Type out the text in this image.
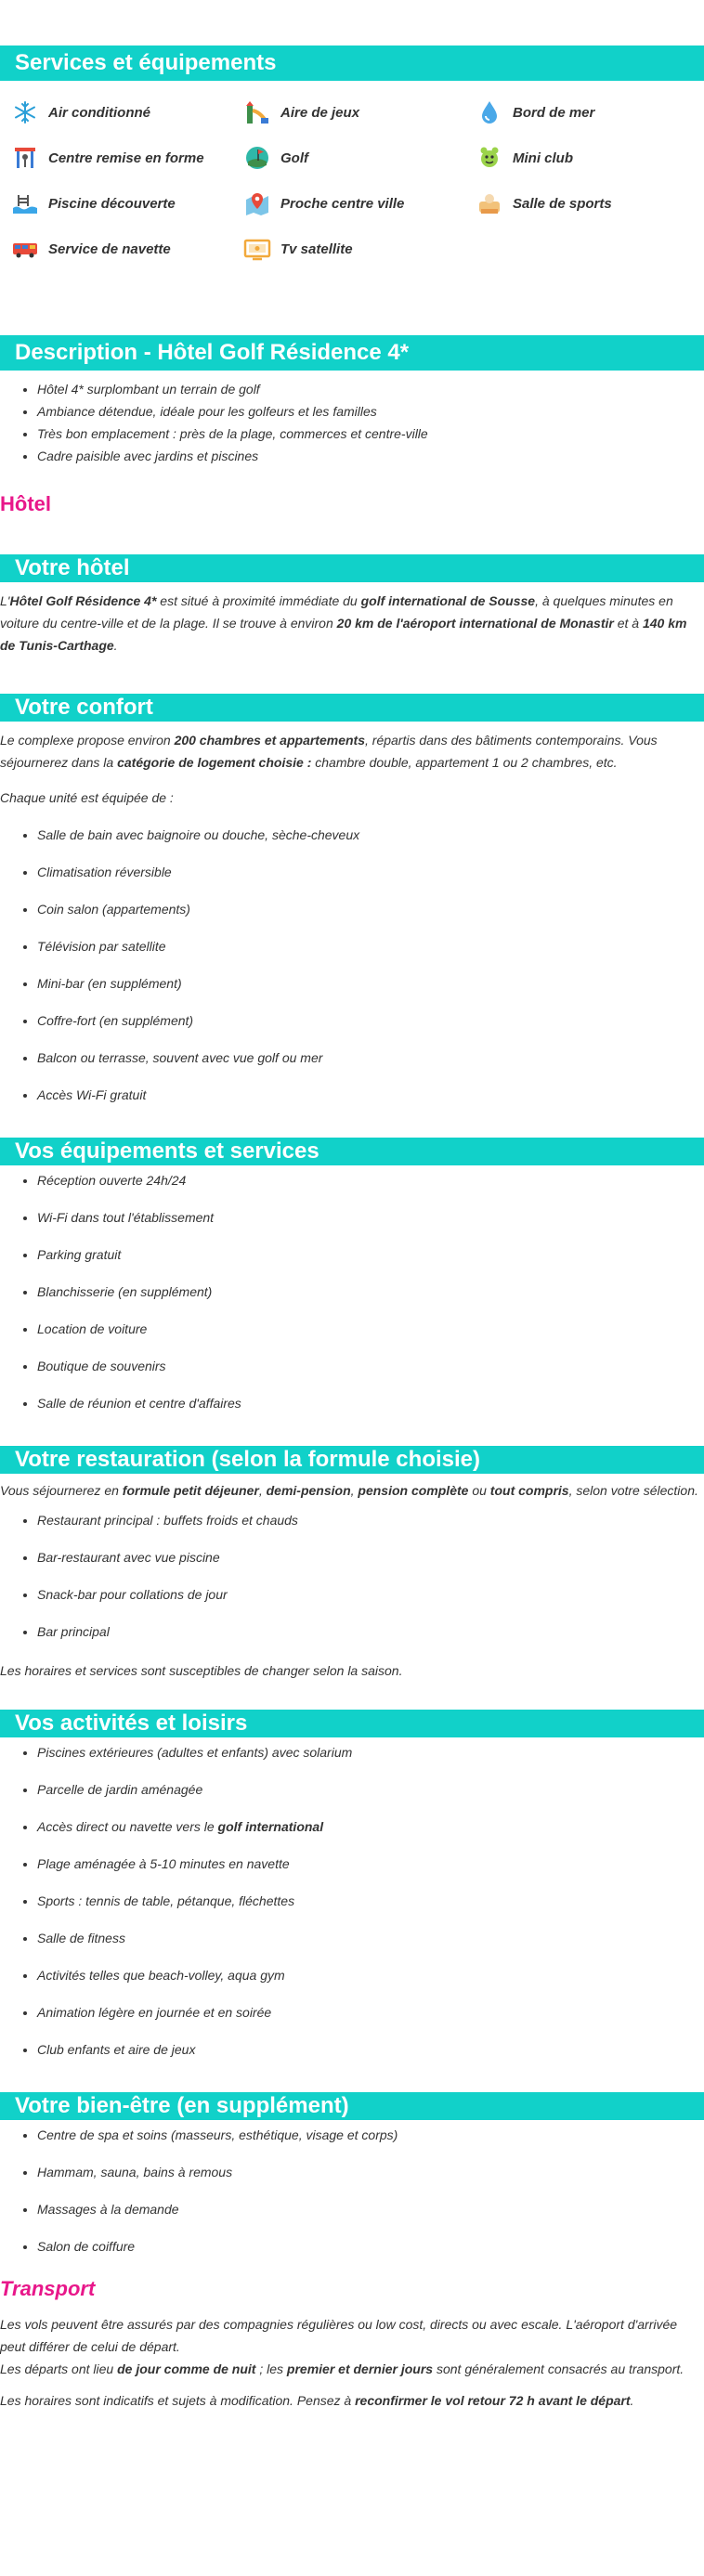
Services et équipements
Air conditionné	Aire de jeux	Bord de mer
Centre remise en forme	Golf	Mini club
Piscine découverte	Proche centre ville	Salle de sports
Service de navette	Tv satellite
Description - Hôtel Golf Résidence 4*
• Hôtel 4* surplombant un terrain de golf
• Ambiance détendue, idéale pour les golfeurs et les familles
• Très bon emplacement : près de la plage, commerces et centre-ville
• Cadre paisible avec jardins et piscines
Hôtel
Votre hôtel

L'Hôtel Golf Résidence 4* est situé à proximité immédiate du golf international de Sousse, à quelques minutes en voiture du centre-ville et de la plage. Il se trouve à environ 20 km de l'aéroport international de Monastir et à 140 km de Tunis-Carthage.

Votre confort

Le complexe propose environ 200 chambres et appartements, répartis dans des bâtiments contemporains. Vous séjournerez dans la catégorie de logement choisie : chambre double, appartement 1 ou 2 chambres, etc.

Chaque unité est équipée de :

• Salle de bain avec baignoire ou douche, sèche-cheveux
• Climatisation réversible
• Coin salon (appartements)
• Télévision par satellite
• Mini-bar (en supplément)
• Coffre-fort (en supplément)
• Balcon ou terrasse, souvent avec vue golf ou mer
• Accès Wi-Fi gratuit
Vos équipements et services
• Réception ouverte 24h/24
• Wi-Fi dans tout l'établissement
• Parking gratuit
• Blanchisserie (en supplément)
• Location de voiture
• Boutique de souvenirs
• Salle de réunion et centre d'affaires
Votre restauration (selon la formule choisie)

Vous séjournerez en formule petit déjeuner, demi-pension, pension complète ou tout compris, selon votre sélection.

• Restaurant principal : buffets froids et chauds
• Bar-restaurant avec vue piscine
• Snack-bar pour collations de jour
• Bar principal

Les horaires et services sont susceptibles de changer selon la saison.

Vos activités et loisirs
• Piscines extérieures (adultes et enfants) avec solarium
• Parcelle de jardin aménagée
• Accès direct ou navette vers le golf international
• Plage aménagée à 5-10 minutes en navette
• Sports : tennis de table, pétanque, fléchettes
• Salle de fitness
• Activités telles que beach-volley, aqua gym
• Animation légère en journée et en soirée
• Club enfants et aire de jeux
Votre bien-être (en supplément)
• Centre de spa et soins (masseurs, esthétique, visage et corps)
• Hammam, sauna, bains à remous
• Massages à la demande
• Salon de coiffure
Transport

Les vols peuvent être assurés par des compagnies régulières ou low cost, directs ou avec escale. L'aéroport d'arrivée peut différer de celui de départ.

Les départs ont lieu de jour comme de nuit ; les premier et dernier jours sont généralement consacrés au transport.

Les horaires sont indicatifs et sujets à modification. Pensez à reconfirmer le vol retour 72 h avant le départ.
